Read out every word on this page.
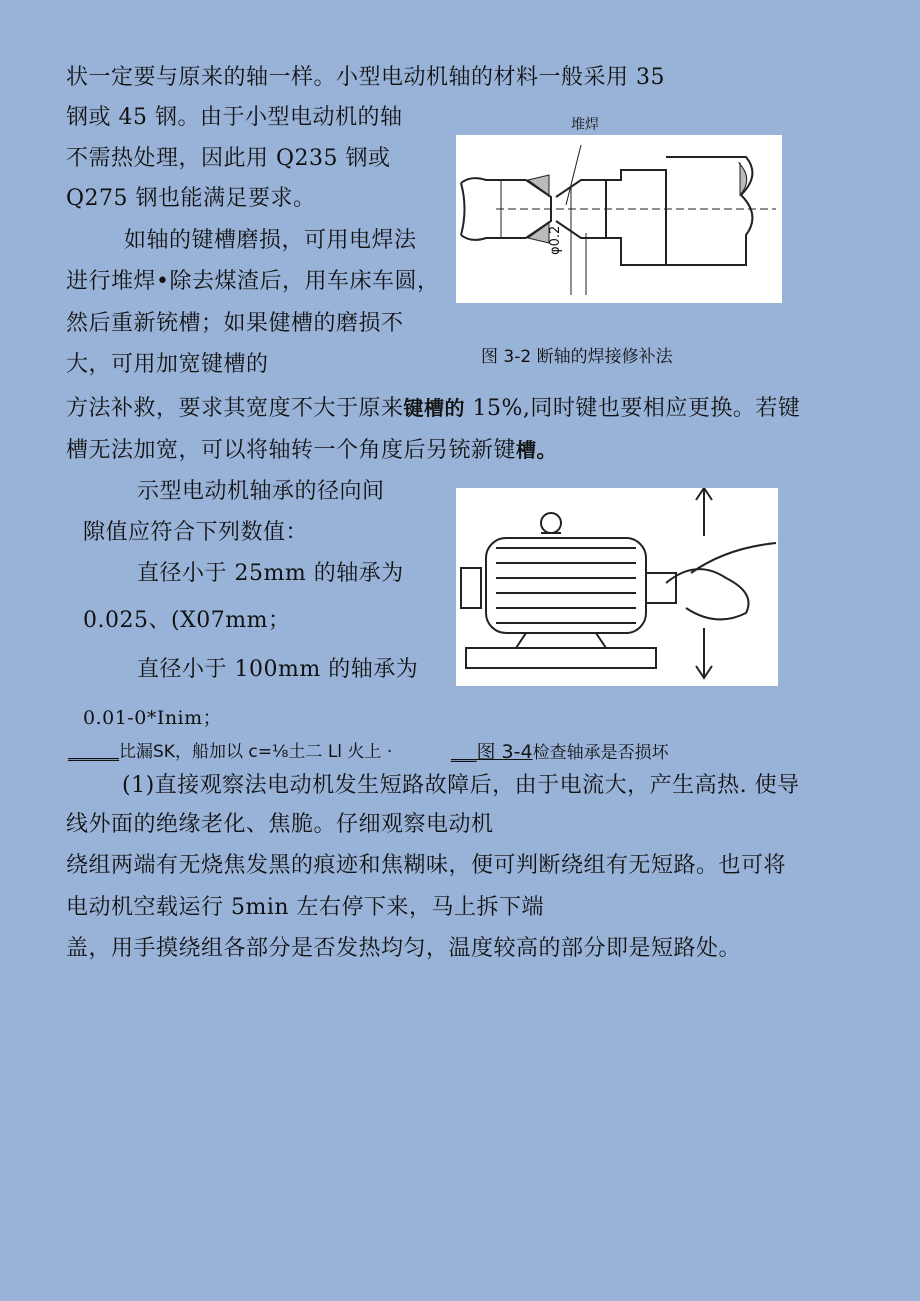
状一定要与原来的轴一样。小型电动机轴的材料一般采用 35
钢或 45 钢。由于小型电动机的轴
不需热处理，因此用 Q235 钢或
Q275 钢也能满足要求。
如轴的键槽磨损，可用电焊法
进行堆焊•除去煤渣后，用车床车圆，
然后重新铳槽；如果健槽的磨损不
大，可用加宽键槽的
方法补救，要求其宽度不大于原来键槽的 15%,同时键也要相应更换。若键
槽无法加宽，可以将轴转一个角度后另铳新键槽。
堆焊
φ0.2
图 3-2 断轴的焊接修补法
示型电动机轴承的径向间
隙值应符合下列数值：
直径小于 25mm 的轴承为
0.025、(X07mm；
直径小于 100mm 的轴承为
0.01-0*Inim；
______比漏SK，船加以 c=⅛土二 Ll 火上 ·	___图 3-4检查轴承是否损坏
(1)直接观察法电动机发生短路故障后，由于电流大，产生高热. 使导
线外面的绝缘老化、焦脆。仔细观察电动机
绕组两端有无烧焦发黑的痕迹和焦糊味，便可判断绕组有无短路。也可将
电动机空载运行 5min 左右停下来，马上拆下端
盖，用手摸绕组各部分是否发热均匀，温度较高的部分即是短路处。
